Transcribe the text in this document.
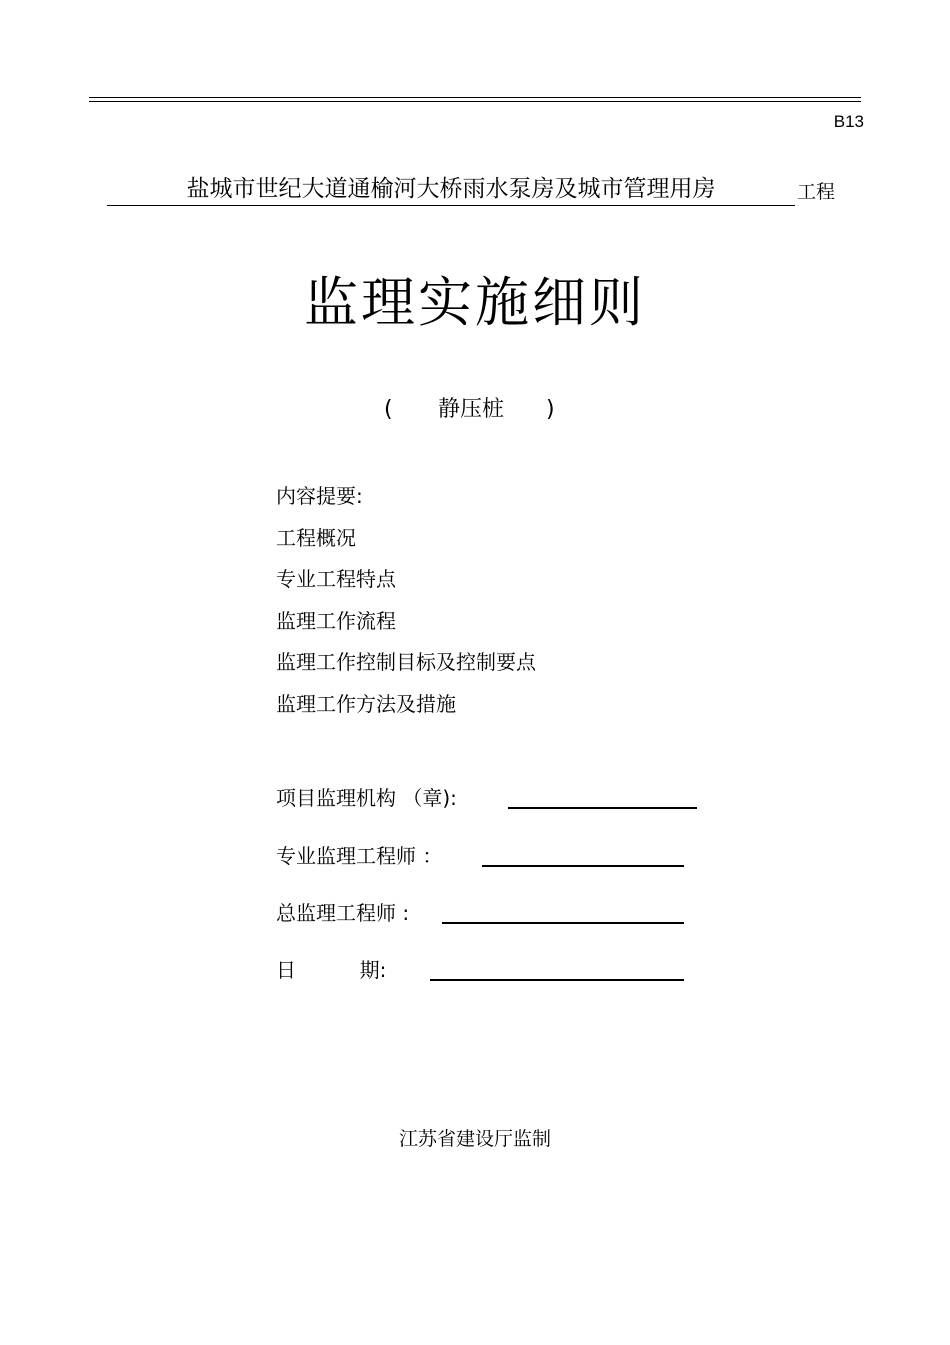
B13
盐城市世纪大道通榆河大桥雨水泵房及城市管理用房	工程
监理实施细则
( 静压桩 )
内容提要:
工程概况
专业工程特点
监理工作流程
监理工作控制目标及控制要点
监理工作方法及措施
项目监理机构 （章):
专业监理工程师 ：
总监理工程师 :
日          期:
江苏省建设厅监制
